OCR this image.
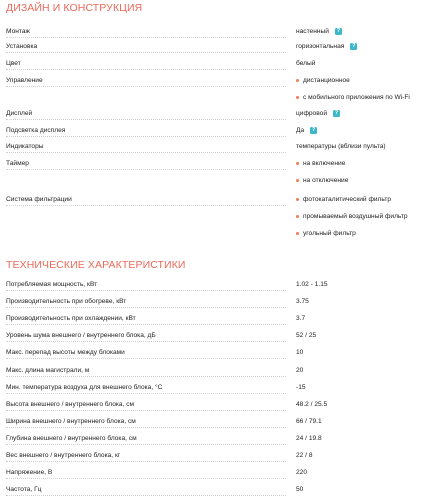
ДИЗАЙН И КОНСТРУКЦИЯ
Монтаж	настенный	?
Установка	горизонтальная	?
Цвет	белый
Управление	дистанционное
с мобильного приложения по Wi-Fi
Дисплей	цифровой	?
Подсветка дисплея	Да	?
Индикаторы	температуры (вблизи пульта)
Таймер	на включение
на отключение
Система фильтрации	фотокаталитический фильтр
промываемый воздушный фильтр
угольный фильтр
ТЕХНИЧЕСКИЕ ХАРАКТЕРИСТИКИ
Потребляемая мощность, кВт	1.02 - 1.15
Производительность при обогреве, кВт	3.75
Производительность при охлаждении, кВт	3.7
Уровень шума внешнего / внутреннего блока, дБ	52 / 25
Макс. перепад высоты между блоками	10
Макс. длина магистрали, м	20
Мин. температура воздуха для внешнего блока, °С	-15
Высота внешнего / внутреннего блока, см	48.2 / 25.5
Ширина внешнего / внутреннего блока, см	66 / 79.1
Глубина внешнего / внутреннего блока, см	24 / 19.8
Вес внешнего / внутреннего блока, кг	22 / 8
Напряжение, В	220
Частота, Гц	50
